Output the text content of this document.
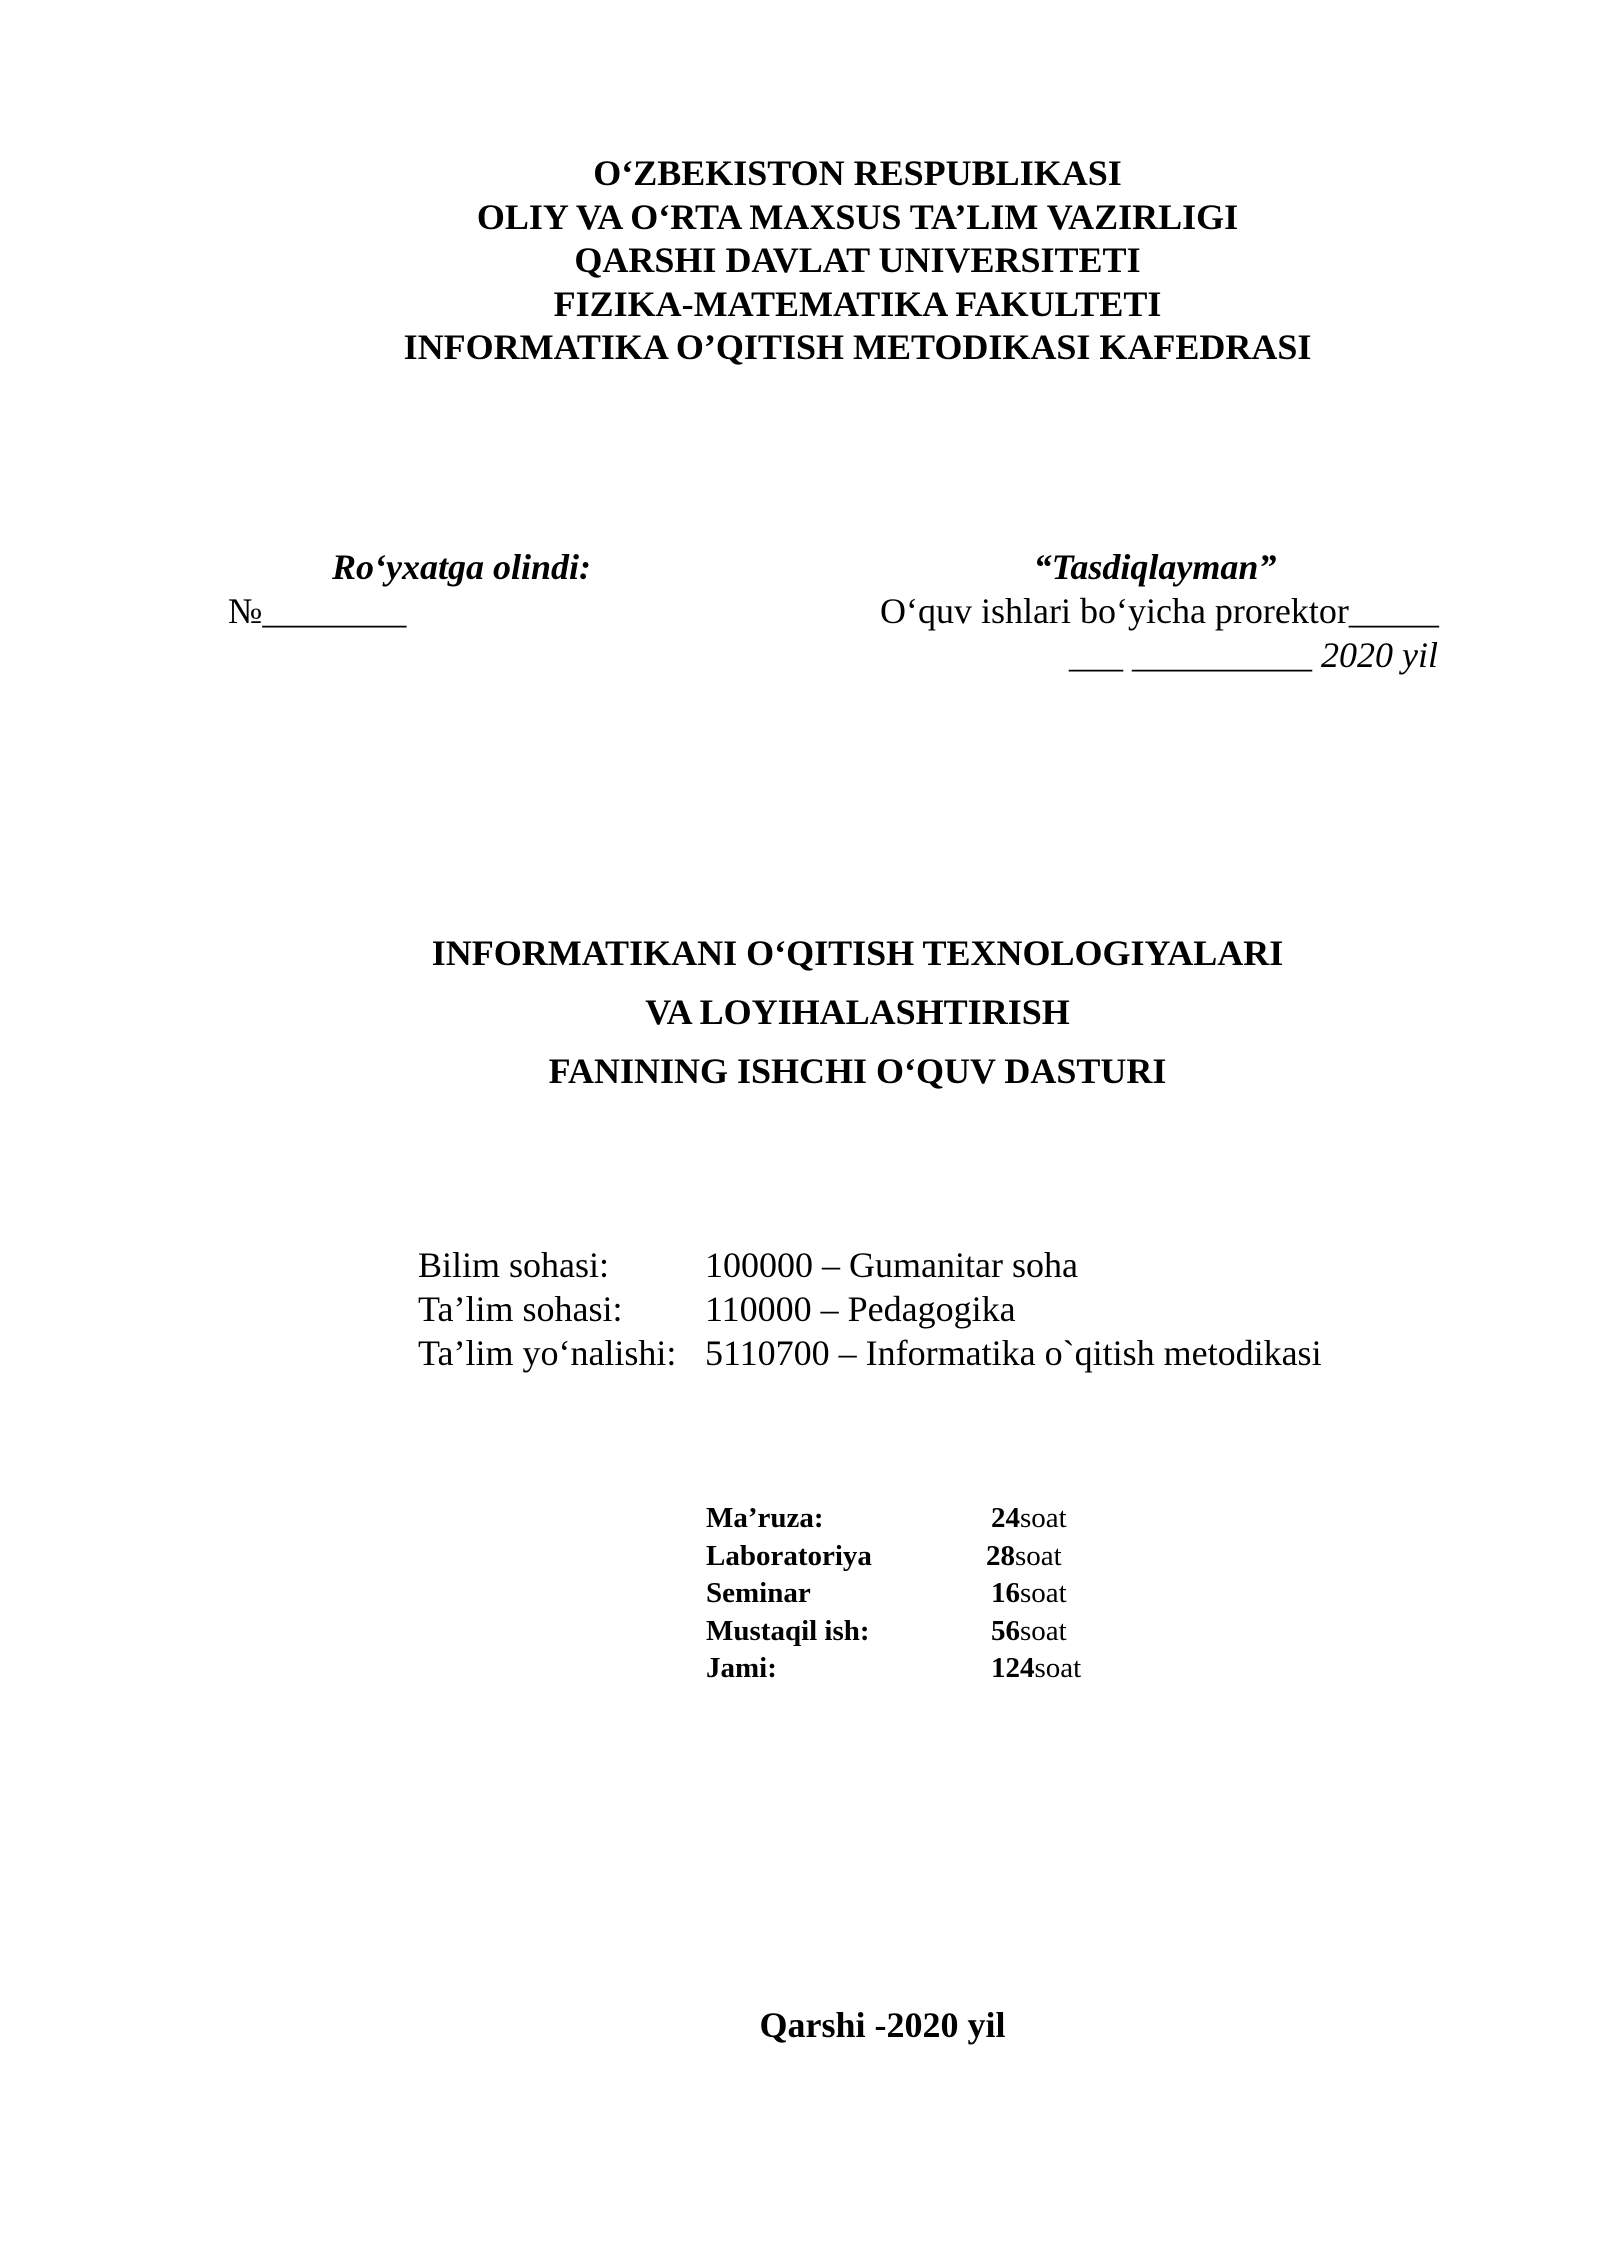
O‘ZBEKISTON RESPUBLIKASI
OLIY VA O‘RTA MAXSUS TA’LIM VAZIRLIGI
QARSHI DAVLAT UNIVERSITETI
FIZIKA-MATEMATIKA FAKULTETI
INFORMATIKA O’QITISH METODIKASI KAFEDRASI
Ro‘yxatga olindi:
№________
“Tasdiqlayman”
O‘quv ishlari bo‘yicha prorektor_____
___ __________ 2020 yil
INFORMATIKANI O‘QITISH TEXNOLOGIYALARI
VA LOYIHALASHTIRISH
FANINING ISHCHI O‘QUV DASTURI
Bilim sohasi:	100000 – Gumanitar soha
Ta’lim sohasi:	110000 – Pedagogika
Ta’lim yo‘nalishi: 5110700 – Informatika o`qitish metodikasi
Ma’ruza:	24 soat
Laboratoriya	28 soat
Seminar	16 soat
Mustaqil ish:	56 soat
Jami:	124 soat
Qarshi -2020 yil
